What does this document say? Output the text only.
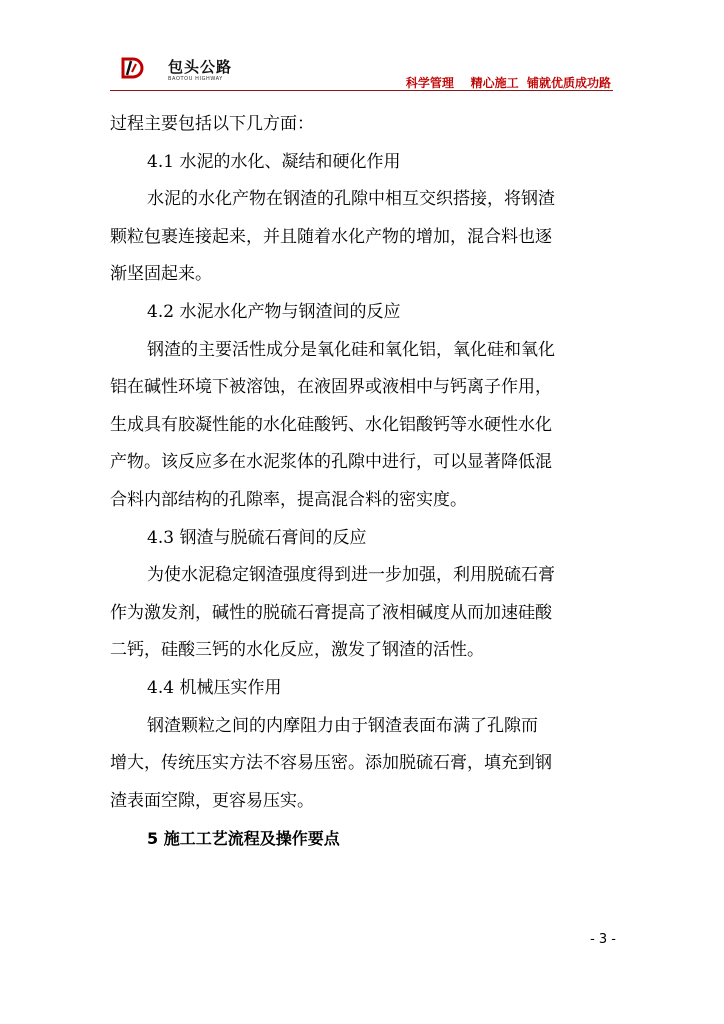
包头公路
BAOTOU HIGHWAY	科学管理    精心施工  铺就优质成功路
过程主要包括以下几方面：
4.1 水泥的水化、凝结和硬化作用
水泥的水化产物在钢渣的孔隙中相互交织搭接，将钢渣
颗粒包裹连接起来，并且随着水化产物的增加，混合料也逐
渐坚固起来。
4.2 水泥水化产物与钢渣间的反应
钢渣的主要活性成分是氧化硅和氧化铝，氧化硅和氧化
铝在碱性环境下被溶蚀，在液固界或液相中与钙离子作用，
生成具有胶凝性能的水化硅酸钙、水化铝酸钙等水硬性水化
产物。该反应多在水泥浆体的孔隙中进行，可以显著降低混
合料内部结构的孔隙率，提高混合料的密实度。
4.3 钢渣与脱硫石膏间的反应
为使水泥稳定钢渣强度得到进一步加强，利用脱硫石膏
作为激发剂，碱性的脱硫石膏提高了液相碱度从而加速硅酸
二钙，硅酸三钙的水化反应，激发了钢渣的活性。
4.4 机械压实作用
钢渣颗粒之间的内摩阻力由于钢渣表面布满了孔隙而
增大，传统压实方法不容易压密。添加脱硫石膏，填充到钢
渣表面空隙，更容易压实。
5 施工工艺流程及操作要点
- 3 -
